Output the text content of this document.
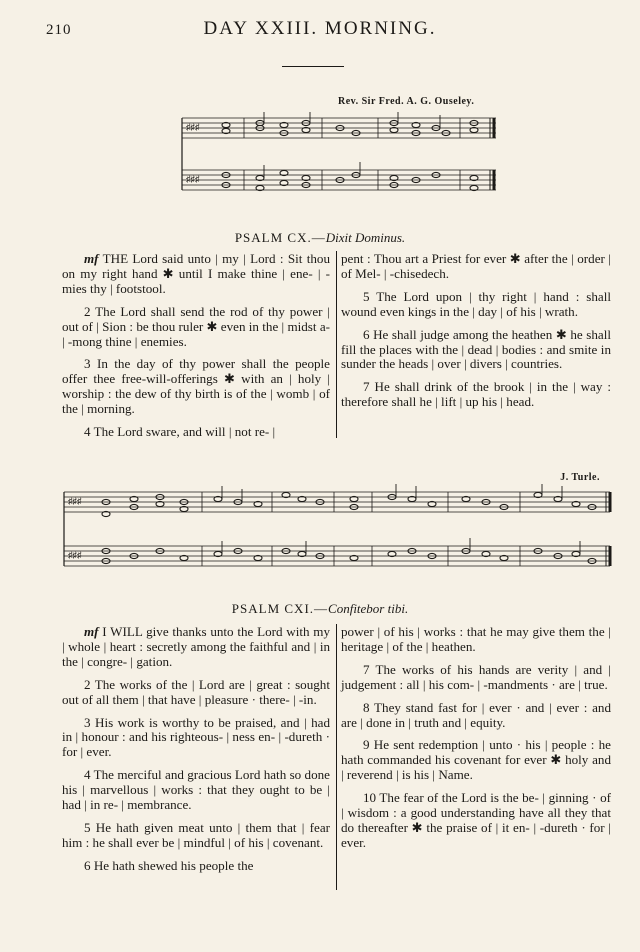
210	DAY XXIII. MORNING.
Rev. Sir Fred. A. G. Ouseley.
♯♯♯
♯♯♯
PSALM CX.—Dixit Dominus.

mf THE Lord said unto | my | Lord : Sit thou on my right hand ✱ until I make thine | ene- | -mies thy | footstool.

2 The Lord shall send the rod of thy power | out of | Sion : be thou ruler ✱ even in the | midst a- | -mong thine | enemies.

3 In the day of thy power shall the people offer thee free-will-offerings ✱ with an | holy | worship : the dew of thy birth is of the | womb | of the | morning.

4 The Lord sware, and will | not re- |

pent : Thou art a Priest for ever ✱ after the | order | of Mel- | -chisedech.

5 The Lord upon | thy right | hand : shall wound even kings in the | day | of his | wrath.

6 He shall judge among the heathen ✱ he shall fill the places with the | dead | bodies : and smite in sunder the heads | over | divers | countries.

7 He shall drink of the brook | in the | way : therefore shall he | lift | up his | head.

J. Turle.
♯♯♯
♯♯♯
PSALM CXI.—Confitebor tibi.

mf I WILL give thanks unto the Lord with my | whole | heart : secretly among the faithful and | in the | congre- | gation.

2 The works of the | Lord are | great : sought out of all them | that have | pleasure · there- | -in.

3 His work is worthy to be praised, and | had in | honour : and his righteous- | ness en- | -dureth · for | ever.

4 The merciful and gracious Lord hath so done his | marvellous | works : that they ought to be | had | in re- | membrance.

5 He hath given meat unto | them that | fear him : he shall ever be | mindful | of his | covenant.

6 He hath shewed his people the

power | of his | works : that he may give them the | heritage | of the | heathen.

7 The works of his hands are verity | and | judgement : all | his com- | -mandments · are | true.

8 They stand fast for | ever · and | ever : and are | done in | truth and | equity.

9 He sent redemption | unto · his | people : he hath commanded his covenant for ever ✱ holy and | reverend | is his | Name.

10 The fear of the Lord is the be- | ginning · of | wisdom : a good understanding have all they that do thereafter ✱ the praise of | it en- | -dureth · for | ever.
